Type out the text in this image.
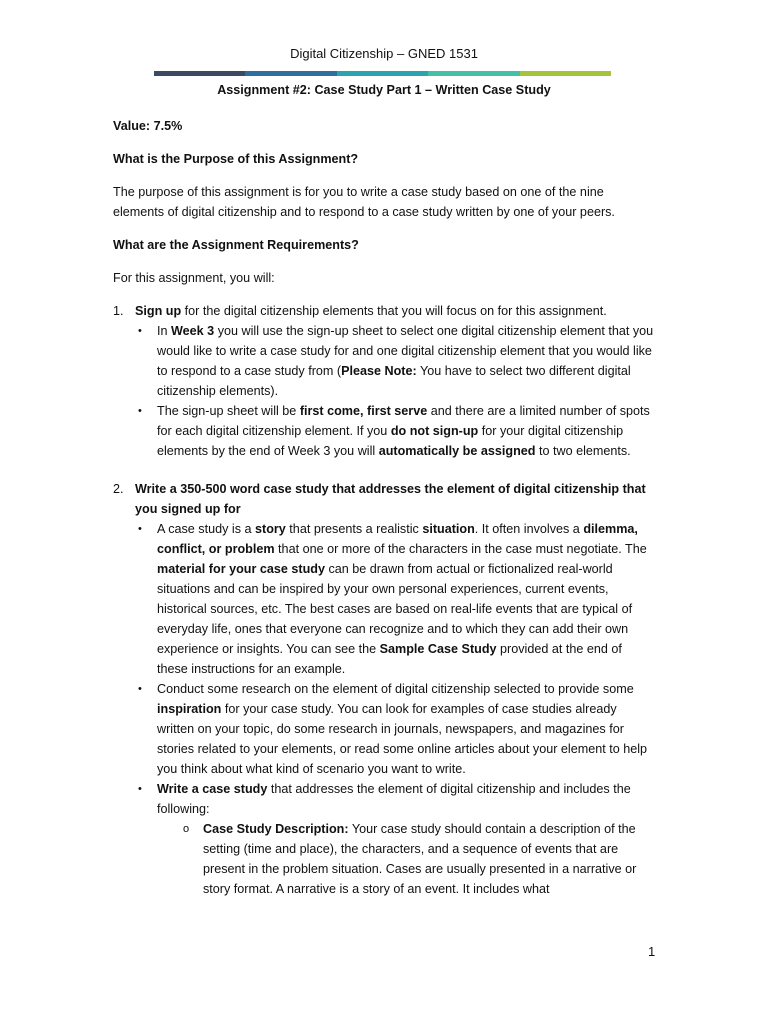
Digital Citizenship – GNED 1531

Assignment #2: Case Study Part 1 – Written Case Study

Value: 7.5%

What is the Purpose of this Assignment?

The purpose of this assignment is for you to write a case study based on one of the nine elements of digital citizenship and to respond to a case study written by one of your peers.

What are the Assignment Requirements?

For this assignment, you will:

1. Sign up for the digital citizenship elements that you will focus on for this assignment.
• In Week 3 you will use the sign-up sheet to select one digital citizenship element that you would like to write a case study for and one digital citizenship element that you would like to respond to a case study from (Please Note: You have to select two different digital citizenship elements).
• The sign-up sheet will be first come, first serve and there are a limited number of spots for each digital citizenship element. If you do not sign-up for your digital citizenship elements by the end of Week 3 you will automatically be assigned to two elements.
2. Write a 350-500 word case study that addresses the element of digital citizenship that you signed up for
• A case study is a story that presents a realistic situation. It often involves a dilemma, conflict, or problem that one or more of the characters in the case must negotiate. The material for your case study can be drawn from actual or fictionalized real-world situations and can be inspired by your own personal experiences, current events, historical sources, etc. The best cases are based on real-life events that are typical of everyday life, ones that everyone can recognize and to which they can add their own experience or insights. You can see the Sample Case Study provided at the end of these instructions for an example.
• Conduct some research on the element of digital citizenship selected to provide some inspiration for your case study. You can look for examples of case studies already written on your topic, do some research in journals, newspapers, and magazines for stories related to your elements, or read some online articles about your element to help you think about what kind of scenario you want to write.
• Write a case study that addresses the element of digital citizenship and includes the following:
o Case Study Description: Your case study should contain a description of the setting (time and place), the characters, and a sequence of events that are present in the problem situation. Cases are usually presented in a narrative or story format. A narrative is a story of an event. It includes what
1
